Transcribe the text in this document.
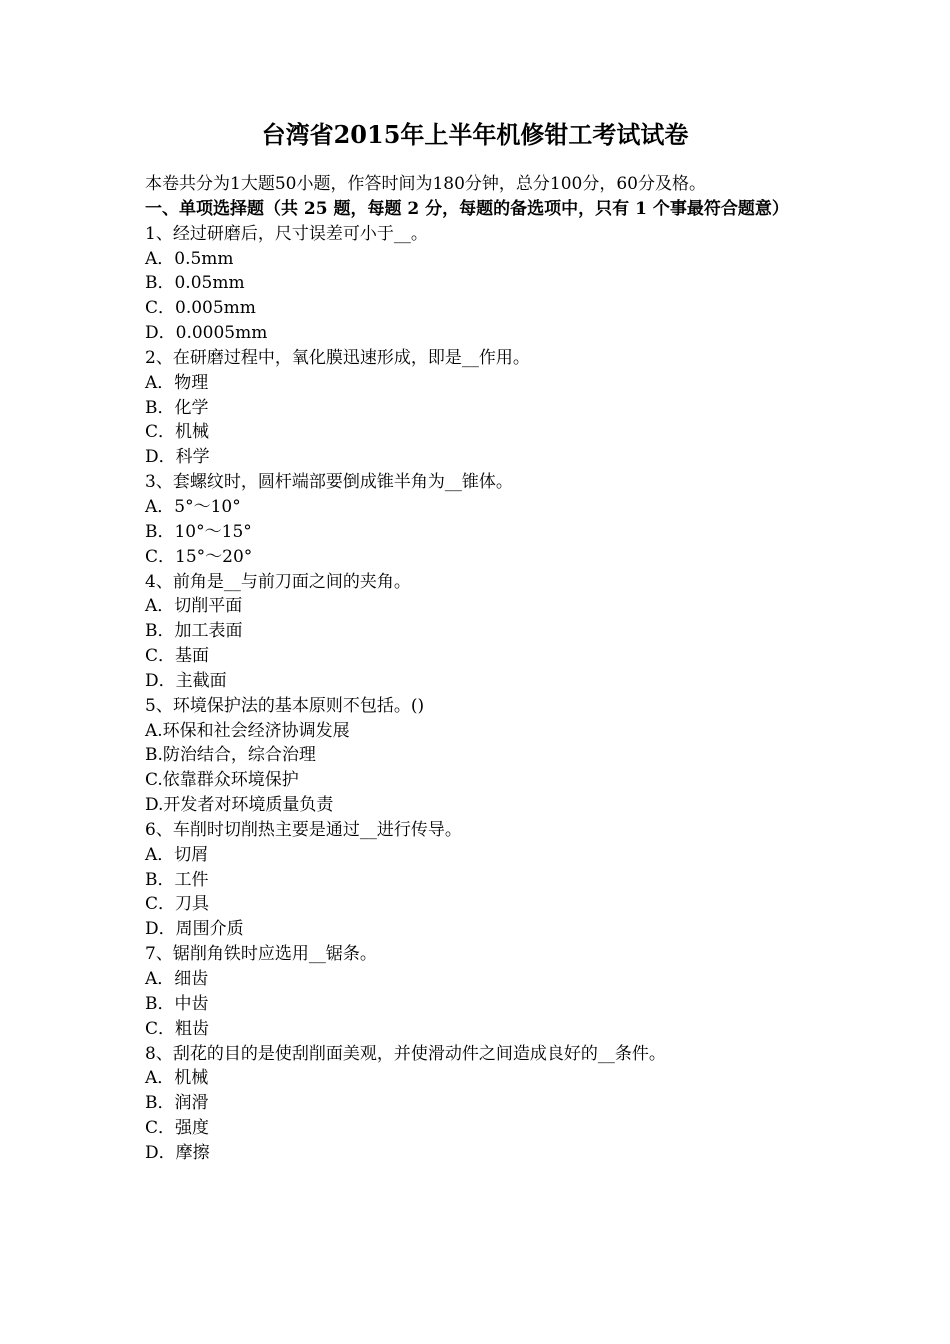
台湾省2015年上半年机修钳工考试试卷
本卷共分为1大题50小题，作答时间为180分钟，总分100分，60分及格。
一、单项选择题（共 25 题，每题 2 分，每题的备选项中，只有 1 个事最符合题意）
1、经过研磨后，尺寸误差可小于__。
A．0.5mm
B．0.05mm
C．0.005mm
D．0.0005mm
2、在研磨过程中，氧化膜迅速形成，即是__作用。
A．物理
B．化学
C．机械
D．科学
3、套螺纹时，圆杆端部要倒成锥半角为__锥体。
A．5°～10°
B．10°～15°
C．15°～20°
4、前角是__与前刀面之间的夹角。
A．切削平面
B．加工表面
C．基面
D．主截面
5、环境保护法的基本原则不包括。()
A.环保和社会经济协调发展
B.防治结合，综合治理
C.依靠群众环境保护
D.开发者对环境质量负责
6、车削时切削热主要是通过__进行传导。
A．切屑
B．工件
C．刀具
D．周围介质
7、锯削角铁时应选用__锯条。
A．细齿
B．中齿
C．粗齿
8、刮花的目的是使刮削面美观，并使滑动件之间造成良好的__条件。
A．机械
B．润滑
C．强度
D．摩擦
